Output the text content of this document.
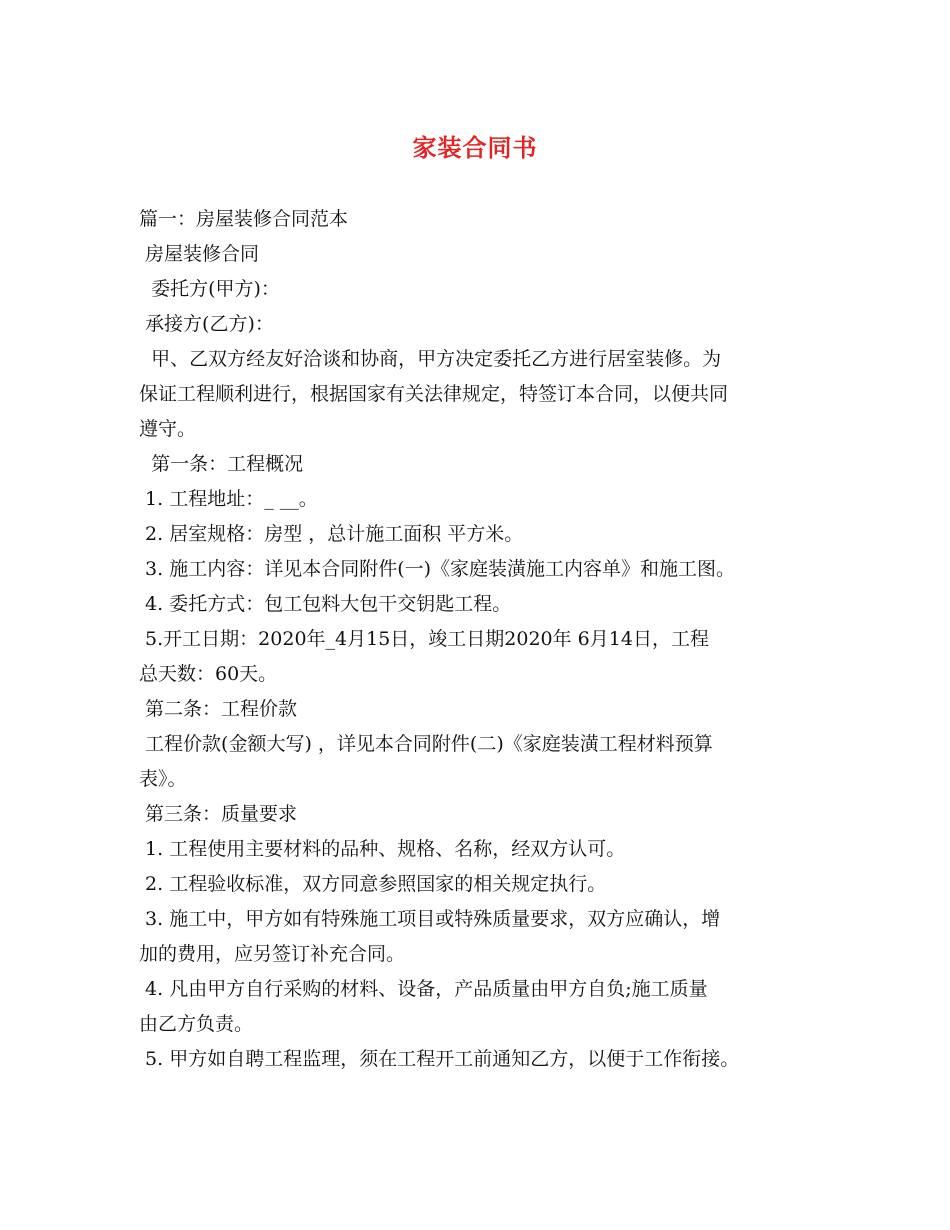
家装合同书
篇一：房屋装修合同范本
房屋装修合同
委托方(甲方)：
承接方(乙方)：
甲、乙双方经友好洽谈和协商，甲方决定委托乙方进行居室装修。为
保证工程顺利进行，根据国家有关法律规定，特签订本合同，以便共同
遵守。
第一条：工程概况
1. 工程地址：_ __。
2. 居室规格：房型 ，总计施工面积 平方米。
3. 施工内容：详见本合同附件(一)《家庭装潢施工内容单》和施工图。
4. 委托方式：包工包料大包干交钥匙工程。
5.开工日期：2020年_4月15日，竣工日期2020年 6月14日，工程
总天数：60天。
第二条：工程价款
工程价款(金额大写) ，详见本合同附件(二)《家庭装潢工程材料预算
表》。
第三条：质量要求
1. 工程使用主要材料的品种、规格、名称，经双方认可。
2. 工程验收标准，双方同意参照国家的相关规定执行。
3. 施工中，甲方如有特殊施工项目或特殊质量要求，双方应确认，增
加的费用，应另签订补充合同。
4. 凡由甲方自行采购的材料、设备，产品质量由甲方自负;施工质量
由乙方负责。
5. 甲方如自聘工程监理，须在工程开工前通知乙方，以便于工作衔接。
